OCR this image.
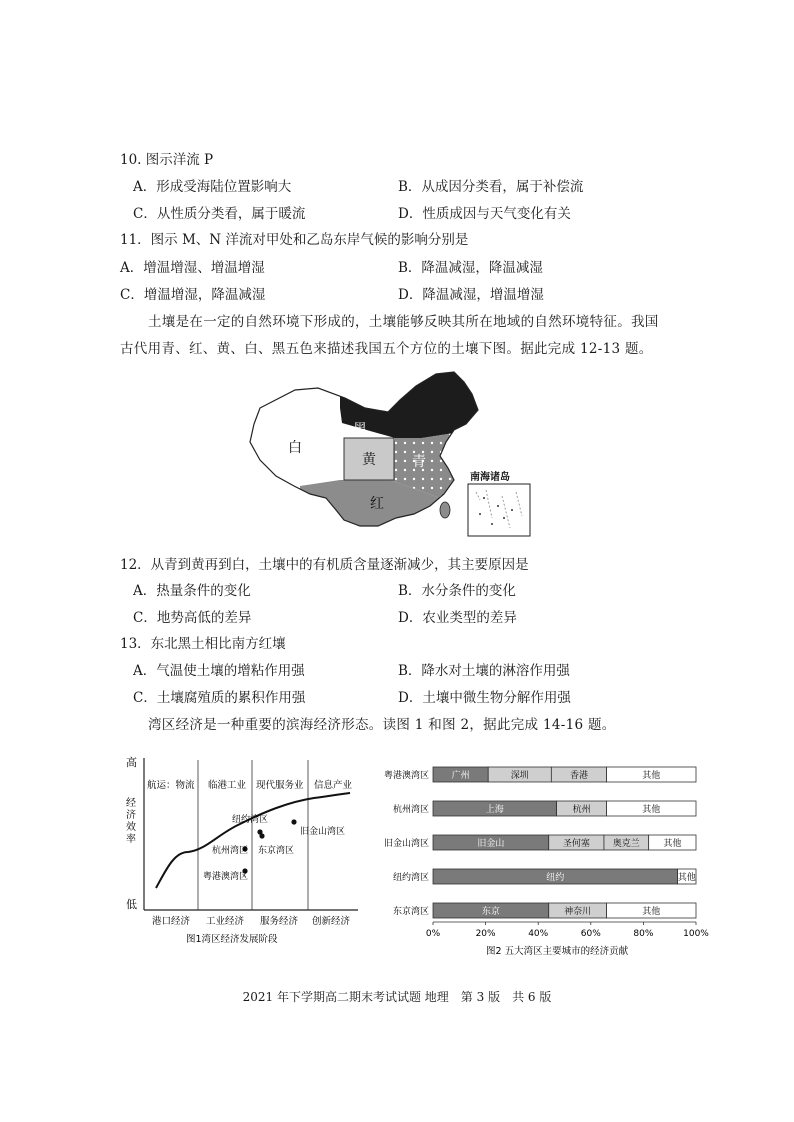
10. 图示洋流 P
A．形成受海陆位置影响大	B．从成因分类看，属于补偿流
C．从性质分类看，属于暖流	D．性质成因与天气变化有关
11．图示 M、N 洋流对甲处和乙岛东岸气候的影响分别是
A．增温增湿、增温增湿	B．降温减湿，降温减湿
C．增温增湿，降温减湿	D．降温减湿，增温增湿
土壤是在一定的自然环境下形成的，土壤能够反映其所在地域的自然环境特征。我国
古代用青、红、黄、白、黑五色来描述我国五个方位的土壤下图。据此完成 12-13 题。
黑
白
黄	青
红
南海诸岛
12．从青到黄再到白，土壤中的有机质含量逐渐减少，其主要原因是
A．热量条件的变化	B．水分条件的变化
C．地势高低的差异	D．农业类型的差异
13．东北黑土相比南方红壤
A．气温使土壤的增粘作用强	B．降水对土壤的淋溶作用强
C．土壤腐殖质的累积作用强	D．土壤中微生物分解作用强
湾区经济是一种重要的滨海经济形态。读图 1 和图 2，据此完成 14-16 题。
高
低
经
济
效
率
航运：物流 临港工业 现代服务业 信息产业
纽约湾区
旧金山湾区
东京湾区
杭州湾区
粤港澳湾区
港口经济 工业经济 服务经济 创新经济
图1湾区经济发展阶段
粤港澳湾区	广州	深圳	香港	其他
杭州湾区	上海	杭州	其他
旧金山湾区	旧金山	圣何塞	奥克兰	其他
纽约湾区	纽约	其他
东京湾区	东京	神奈川	其他
0%	20%	40%	60%	80%	100%
图2 五大湾区主要城市的经济贡献
2021 年下学期高二期末考试试题 地理　第 3 版　共 6 版
